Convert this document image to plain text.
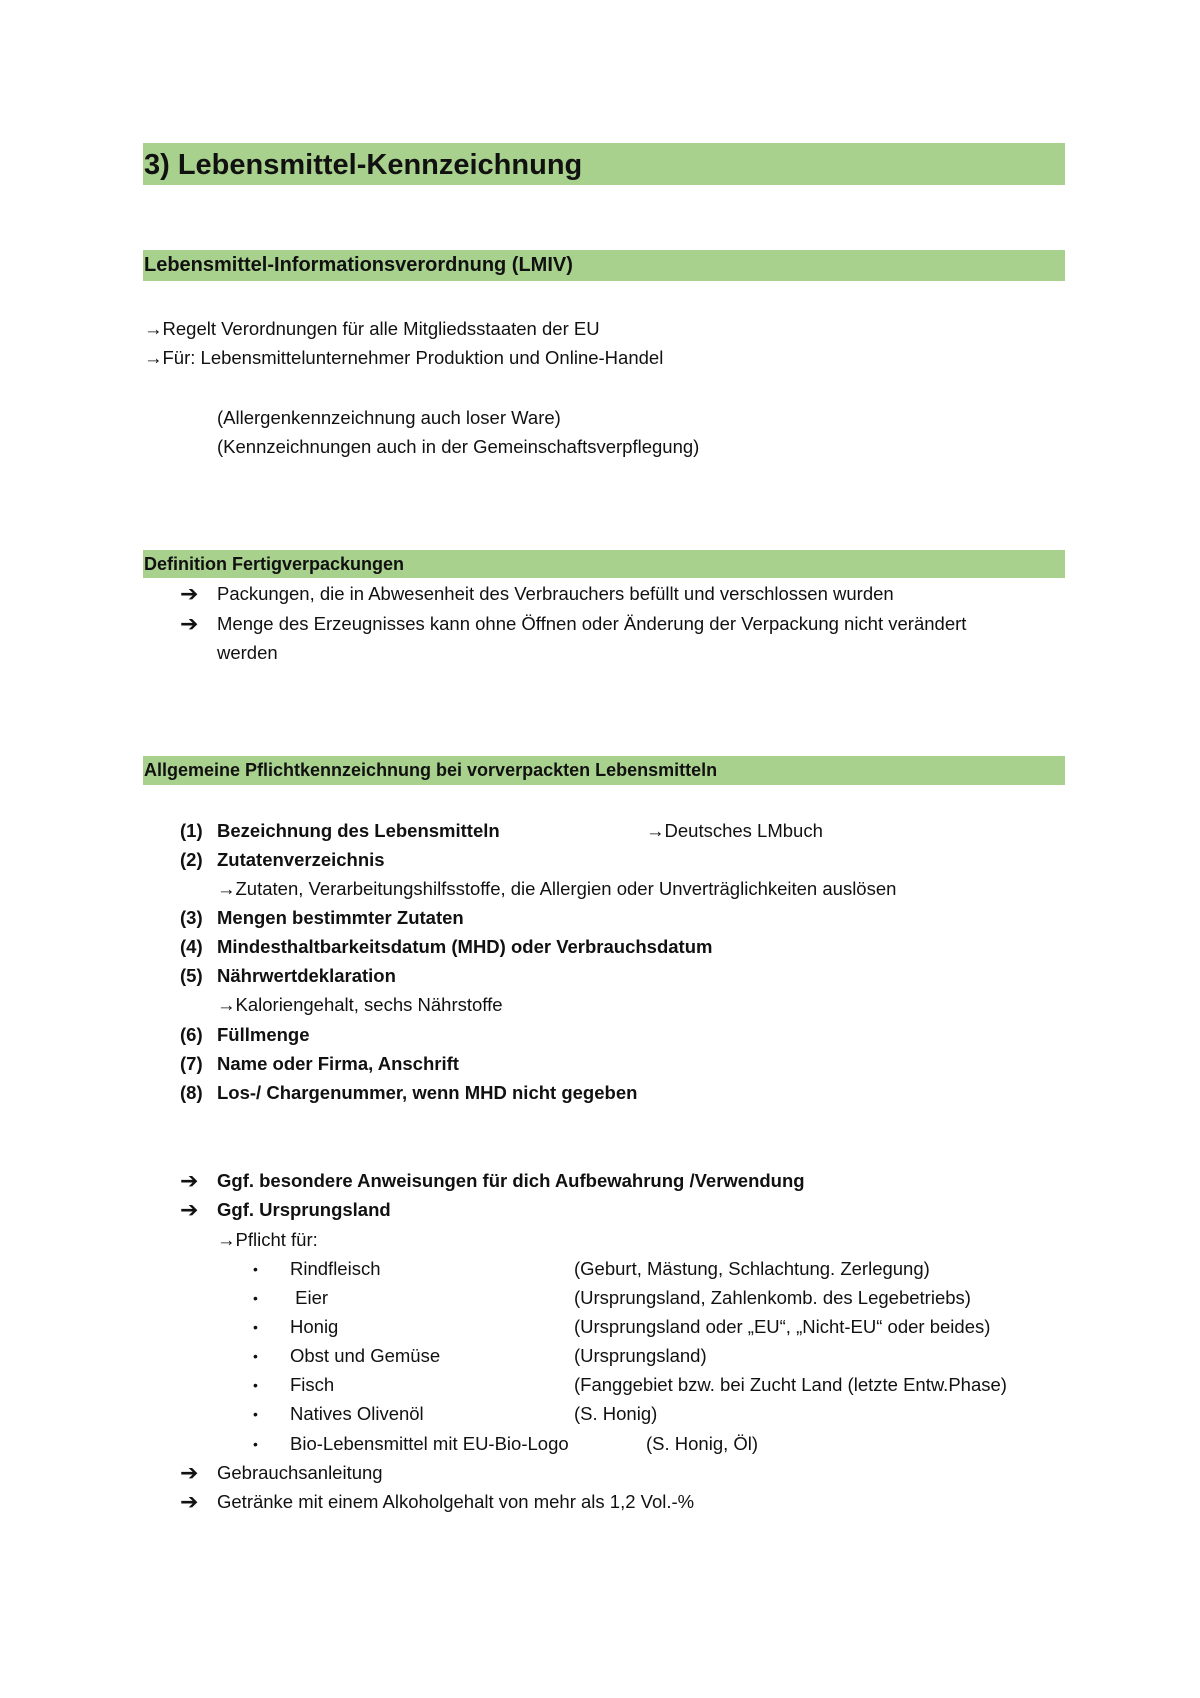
3) Lebensmittel-Kennzeichnung
Lebensmittel-Informationsverordnung (LMIV)
→Regelt Verordnungen für alle Mitgliedsstaaten der EU
→Für: Lebensmittelunternehmer Produktion und Online-Handel
(Allergenkennzeichnung auch loser Ware)
(Kennzeichnungen auch in der Gemeinschaftsverpflegung)
Definition Fertigverpackungen
➔ Packungen, die in Abwesenheit des Verbrauchers befüllt und verschlossen wurden
➔ Menge des Erzeugnisses kann ohne Öffnen oder Änderung der Verpackung nicht verändert
werden
Allgemeine Pflichtkennzeichnung bei vorverpackten Lebensmitteln
(1) Bezeichnung des Lebensmitteln	→Deutsches LMbuch
(2) Zutatenverzeichnis
→Zutaten, Verarbeitungshilfsstoffe, die Allergien oder Unverträglichkeiten auslösen
(3) Mengen bestimmter Zutaten
(4) Mindesthaltbarkeitsdatum (MHD) oder Verbrauchsdatum
(5) Nährwertdeklaration
→Kaloriengehalt, sechs Nährstoffe
(6) Füllmenge
(7) Name oder Firma, Anschrift
(8) Los-/ Chargenummer, wenn MHD nicht gegeben
➔ Ggf. besondere Anweisungen für dich Aufbewahrung /Verwendung
➔ Ggf. Ursprungsland
→Pflicht für:
• Rindfleisch	(Geburt, Mästung, Schlachtung. Zerlegung)
• Eier	(Ursprungsland, Zahlenkomb. des Legebetriebs)
• Honig	(Ursprungsland oder „EU“, „Nicht-EU“ oder beides)
• Obst und Gemüse	(Ursprungsland)
• Fisch	(Fanggebiet bzw. bei Zucht Land (letzte Entw.Phase)
• Natives Olivenöl	(S. Honig)
• Bio-Lebensmittel mit EU-Bio-Logo	(S. Honig, Öl)
➔ Gebrauchsanleitung
➔ Getränke mit einem Alkoholgehalt von mehr als 1,2 Vol.-%
